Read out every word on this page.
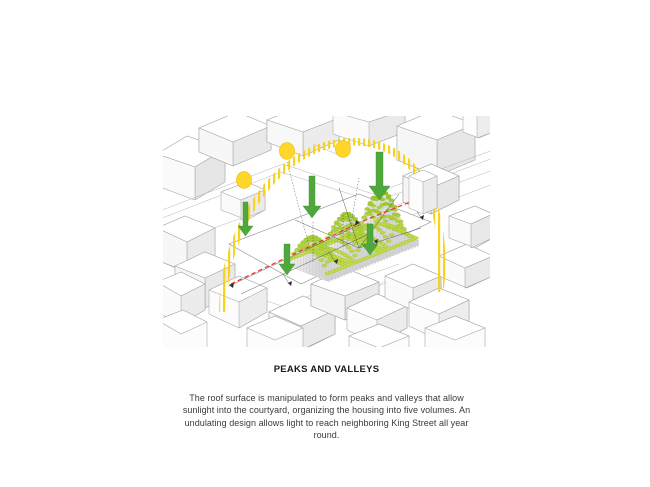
WEST
PEAKS AND VALLEYS

The roof surface is manipulated to form peaks and valleys that allow sunlight into the courtyard, organizing the housing into five volumes. An undulating design allows light to reach neighboring King Street all year round.
